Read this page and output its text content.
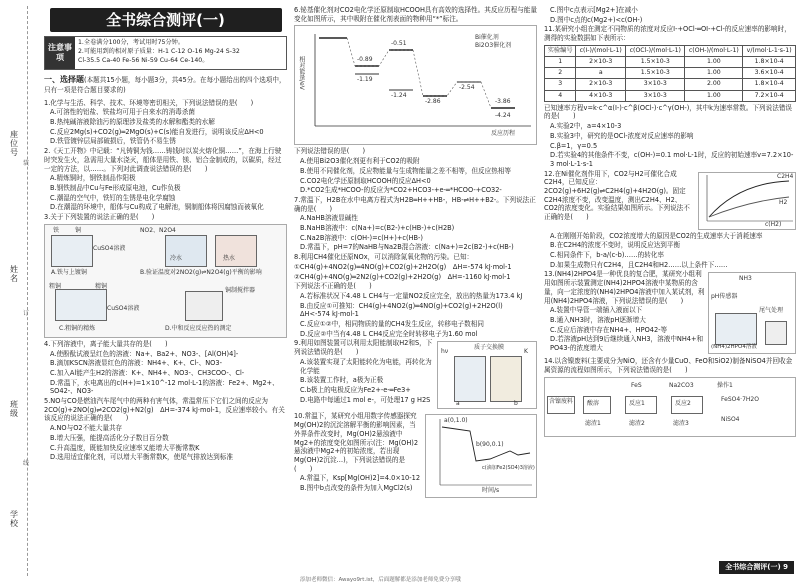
学校
班级
姓名
座位号
装
订
线
全书综合测评(一)
注意事项

1.全卷满分100分，考试用时75分钟。

2.可能用到的相对原子质量：H-1 C-12 O-16 Mg-24 S-32

Cl-35.5 Ca-40 Fe-56 Ni-59 Cu-64 Ce-140。

一、选择题(本题共15小题，每小题3分，共45分。在每小题给出的四个选项中，只有一项是符合题目要求的)

1.化学与生活、科学、技术、环境等密切相关，下列说法错误的是(　　)

A.可溶性的铝盐、铁盐均可用于自来水的消毒杀菌

B.热纯碱溶液除油污的原理涉及盐类的水解和酯类的水解

C.反应2Mg(s)+CO2(g)═2MgO(s)+C(s)能自发进行，说明该反应ΔH<0

D.铁管镀锌层局部破损后，铁管仍不易生锈

2.《天工开物》中记载：“凡铸铜为钱……铸钱时以炭火熔化铜……”，在海上行驶时突发生火，急需用大量水浇灭，船体是用铁、镁、铝合金制成的，以碳质，经过一定的方法，以……。下列对此调查说法错误的是(　　)

A.精炼铜时，钢铁制品作阳极

B.钢铁制品中Cu与Fe形成原电池，Cu作负极

C.潮湿的空气中，铁钉的生锈是电化学腐蚀

D.在潮湿的环境中，船体与Cu构成了电解池，铜制船体将因腐蚀而被氧化

3.关于下列装置的说法正确的是(　　)

铁	铜
CuSO4溶液
A.铁与上镀铜
NO2、N2O4
冷水	热水
B.验证温度对2NO2(g)⇌N2O4(g)平衡的影响
粗铜	精铜
CuSO4溶液
C.粗铜的精炼
铜制搅拌器
D.中和反应反应热的测定

4.下列溶液中，离子能大量共存的是(　　)

A.使酚酞试液呈红色的溶液：Na+、Ba2+、NO3-、[Al(OH)4]-

B.滴加KSCN溶液显红色的溶液：NH4+、K+、Cl-、NO3-

C.加入Al能产生H2的溶液：K+、NH4+、NO3-、CH3COO-、Cl-

D.常温下，水电离出的c(H+)=1×10^-12 mol·L-1的溶液：Fe2+、Mg2+、SO42-、NO3-

5.NO与CO是燃油汽车尾气中的两种有害气体，常温常压下它们之间的反应为2CO(g)+2NO(g)⇌2CO2(g)+N2(g)　ΔH=-374 kJ·mol-1，反应速率较小。有关该反应的说法正确的是(　　)

A.NO与O2不能大量共存

B.增大压强，能提高活化分子数目百分数

C.升高温度，既能加快反应速率又能增大平衡常数K

D.选用适宜催化剂，可以增大平衡常数K，使尾气排放达到标准

6.铋基催化剂对CO2电化学还原制取HCOOH具有高效的选择性。其反应历程与能量变化如图所示，其中吸附在催化剂表面的物种用“*”标注。

相对能量/eV	-0.89
-0.51
-1.19
-1.24
-2.86
-2.54
-3.86
-4.24
Bi催化剂
Bi2O3催化剂
反应历程

下列说法错误的是(　　)

A.使用Bi2O3催化剂更有利于CO2的吸附

B.使用不同催化剂，反应物能量与生成物能量之差不相等，但反应热相等

C.CO2电化学还原制取HCOOH的反应ΔH<0

D.*CO2生成*HCOO-的反应为*CO2+HCO3-+e-═*HCOO-+CO32-

7.常温下，H2B在水中电离方程式为H2B═H++HB-，HB-⇌H++B2-。下列说法正确的是(　　)

A.NaHB溶液显碱性

B.NaHB溶液中：c(Na+)=c(B2-)+c(HB-)+c(H2B)

C.Na2B溶液中：c(OH-)=c(H+)+c(HB-)

D.常温下，pH=7的NaHB与Na2B混合溶液：c(Na+)=2c(B2-)+c(HB-)

8.利用CH4催化还原NOx，可以消除氮氧化物的污染。已知：

①CH4(g)+4NO2(g)═4NO(g)+CO2(g)+2H2O(g)　ΔH=-574 kJ·mol-1

②CH4(g)+4NO(g)═2N2(g)+CO2(g)+2H2O(g)　ΔH=-1160 kJ·mol-1

下列说法不正确的是(　　)

A.若标准状况下4.48 L CH4与一定量NO2反应完全，放出的热量为173.4 kJ

B.由反应①可推知：CH4(g)+4NO2(g)═4NO(g)+CO2(g)+2H2O(l)　ΔH<-574 kJ·mol-1

C.反应①②中，相同物质的量的CH4发生反应，转移电子数相同

D.反应②中当有4.48 L CH4反应完全时转移电子为1.60 mol

9.利用如图装置可以利用太阳能制取H2和S，下列说法错误的是(　　)

A.该装置实现了太阳能转化为电能，再转化为化学能

B.该装置工作时，a极为正极

C.b极上的电极反应为Fe2+-e-═Fe3+

D.电路中每通过1 mol e-，可处理17 g H2S

hν
质子交换膜
a	b
K

10.常温下，某研究小组用数字传感器探究Mg(OH)2的沉淀溶解平衡的影响因素，当外界条件改变时，Mg(OH)2悬浊液中Mg2+的浓度变化如图所示(注：Mg(OH)2悬浊液中Mg2+的初始浓度，若出现Mg(OH)2沉淀…)，下列说法错误的是(　　)

A.常温下，Ksp[Mg(OH)2]=4.0×10-12

B.图中b点改变的条件为加入MgCl2(s)

a(0,1.0)
b(90,0.1)
c(滴加Fe2(SO4)3溶液)
时间/s

C.图中c点表示[Mg2+]在减小

D.图中c点的c(Mg2+)<c(OH-)

11.某研究小组在测定不同物质的浓度对反应I-+OCl-═OI-+Cl-的反应速率的影响时，测得的实验数据如下表所示：

实验编号	c(I-)/(mol·L-1)	c(OCl-)/(mol·L-1)	c(OH-)/(mol·L-1)	v/(mol·L-1·s-1)
1	2×10-3	1.5×10-3	1.00	1.8×10-4
2	a	1.5×10-3	1.00	3.6×10-4
3	2×10-3	3×10-3	2.00	1.8×10-4
4	4×10-3	3×10-3	1.00	7.2×10-4

已知速率方程v=k·c^α(I-)·c^β(OCl-)·c^γ(OH-)，其中k为速率常数。下列说法错误的是(　　)

A.实验2中，a=4×10-3

B.实验3中，研究的是OCl-浓度对反应速率的影响

C.β=1，γ=0.5

D.若实验4的其他条件不变，c(OH-)=0.1 mol·L-1时，反应的初始速率v=7.2×10-3 mol·L-1·s-1

12.在Ni催化剂作用下，CO2与H2可催化合成C2H4，已知反应：2CO2(g)+6H2(g)⇌C2H4(g)+4H2O(g)。固定C2H4浓度不变，改变温度，测出C2H4、H2、CO2的浓度变化。实验结果如图所示。下列说法不正确的是(　　)

C2H4
H2
c(H2)

A.在刚刚开始阶段，CO2浓度增大的原因是CO2的生成速率大于消耗速率

B.在C2H4的浓度不变时，说明反应达到平衡

C.相同条件下，b-a/(c-b)……的转化率

D.如果生成物只有C2H4，且C2H4和H2……以上条件下……

13.(NH4)2HPO4是一种优良的复合肥，某研究小组利用如图所示装置测定(NH4)2HPO4溶液中某物质的含量，向一定浓度的(NH4)2HPO4溶液中加入某试剂，利用(NH4)2HPO4溶液，下列说法错误的是(　　)

A.装置中导管一端插入液面以下

B.通入NH3时，溶液pH逐渐增大

C.反应后溶液中存在NH4+、HPO42-等

D.若溶液pH达到9后继续通入NH3，溶液中NH4+和PO43-的浓度增大

pH传感器
尾气处理
NH3
(NH4)2HPO4溶液

14.以含镍废料(主要成分为NiO，还含有少量CuO、FeO和SiO2)制备NiSO4并回收金属资源的流程如图所示，下列说法错误的是(　　)

含镍废料 酸溶
滤渣1
反应1
FeS
滤渣2
反应2
Na2CO3
滤渣3
操作1
FeSO4·7H2O
NiSO4
全书综合测评(一) 9
添加老师微信：Awayo9rt.ist，后面题解都是添加老师免费分享哦
